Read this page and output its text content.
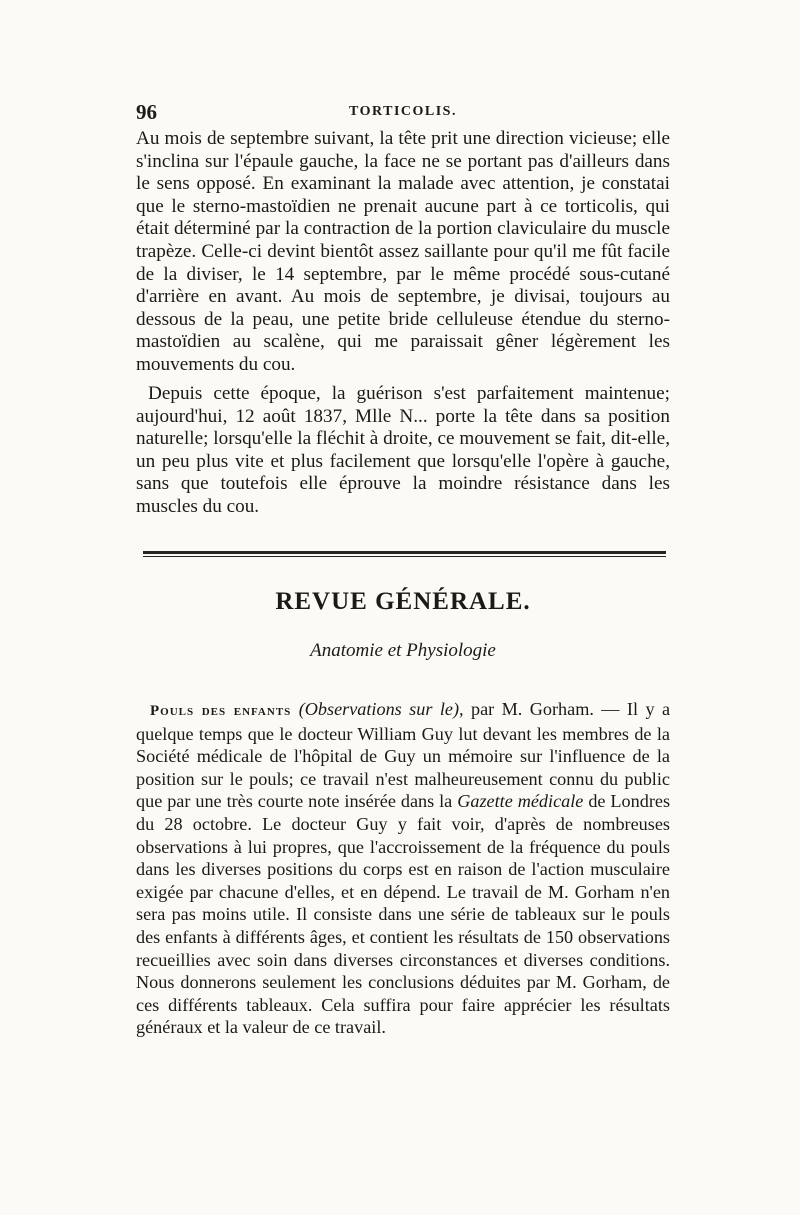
96	TORTICOLIS.

Au mois de septembre suivant, la tête prit une direction vicieuse; elle s'inclina sur l'épaule gauche, la face ne se portant pas d'ailleurs dans le sens opposé. En examinant la malade avec attention, je constatai que le sterno-mastoïdien ne prenait aucune part à ce torticolis, qui était déterminé par la contraction de la portion claviculaire du muscle trapèze. Celle-ci devint bientôt assez saillante pour qu'il me fût facile de la diviser, le 14 septembre, par le même procédé sous-cutané d'arrière en avant. Au mois de septembre, je divisai, toujours au dessous de la peau, une petite bride celluleuse étendue du sterno-mastoïdien au scalène, qui me paraissait gêner légèrement les mouvements du cou.

Depuis cette époque, la guérison s'est parfaitement maintenue; aujourd'hui, 12 août 1837, Mlle N... porte la tête dans sa position naturelle; lorsqu'elle la fléchit à droite, ce mouvement se fait, dit-elle, un peu plus vite et plus facilement que lorsqu'elle l'opère à gauche, sans que toutefois elle éprouve la moindre résistance dans les muscles du cou.

REVUE GÉNÉRALE.
Anatomie et Physiologie

Pouls des enfants (Observations sur le), par M. Gorham. — Il y a quelque temps que le docteur William Guy lut devant les membres de la Société médicale de l'hôpital de Guy un mémoire sur l'influence de la position sur le pouls; ce travail n'est malheureusement connu du public que par une très courte note insérée dans la Gazette médicale de Londres du 28 octobre. Le docteur Guy y fait voir, d'après de nombreuses observations à lui propres, que l'accroissement de la fréquence du pouls dans les diverses positions du corps est en raison de l'action musculaire exigée par chacune d'elles, et en dépend. Le travail de M. Gorham n'en sera pas moins utile. Il consiste dans une série de tableaux sur le pouls des enfants à différents âges, et contient les résultats de 150 observations recueillies avec soin dans diverses circonstances et diverses conditions. Nous donnerons seulement les conclusions déduites par M. Gorham, de ces différents tableaux. Cela suffira pour faire apprécier les résultats généraux et la valeur de ce travail.
